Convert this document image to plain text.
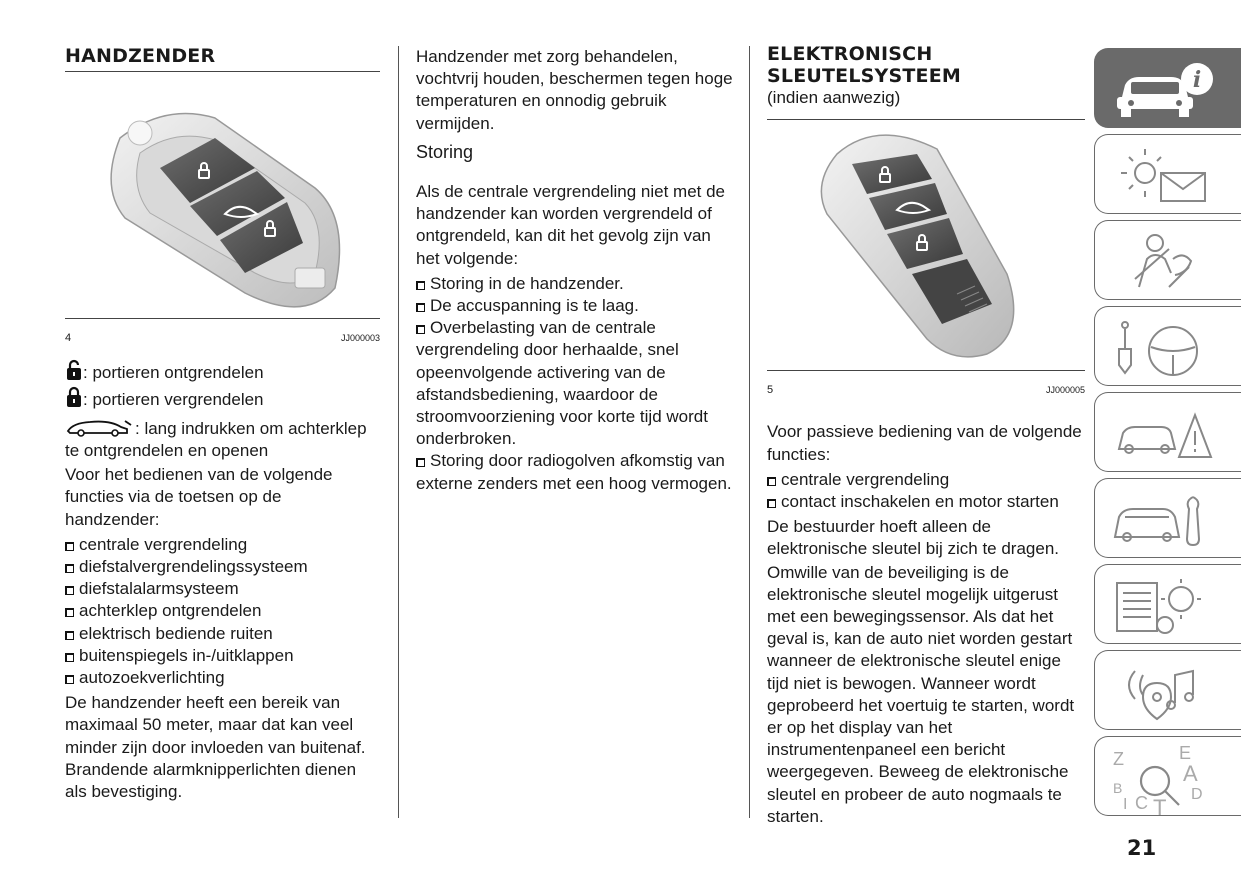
HANDZENDER
4	JJ000003
: portieren ontgrendelen
: portieren vergrendelen
: lang indrukken om achterklep te ontgrendelen en openen

Voor het bedienen van de volgende functies via de toetsen op de handzender:

centrale vergrendeling
diefstalvergrendelingssysteem
diefstalalarmsysteem
achterklep ontgrendelen
elektrisch bediende ruiten
buitenspiegels in-/uitklappen
autozoekverlichting

De handzender heeft een bereik van maximaal 50 meter, maar dat kan veel minder zijn door invloeden van buitenaf. Brandende alarmknipperlichten dienen als bevestiging.

Handzender met zorg behandelen, vochtvrij houden, beschermen tegen hoge temperaturen en onnodig gebruik vermijden.

Storing

Als de centrale vergrendeling niet met de handzender kan worden vergrendeld of ontgrendeld, kan dit het gevolg zijn van het volgende:

Storing in de handzender.
De accuspanning is te laag.
Overbelasting van de centrale vergrendeling door herhaalde, snel opeenvolgende activering van de afstandsbediening, waardoor de stroomvoorziening voor korte tijd wordt onderbroken.
Storing door radiogolven afkomstig van externe zenders met een hoog vermogen.
ELEKTRONISCH
SLEUTELSYSTEEM

(indien aanwezig)

5	JJ000005

Voor passieve bediening van de volgende functies:

centrale vergrendeling
contact inschakelen en motor starten

De bestuurder hoeft alleen de elektronische sleutel bij zich te dragen.

Omwille van de beveiliging is de elektronische sleutel mogelijk uitgerust met een bewegingssensor. Als dat het geval is, kan de auto niet worden gestart wanneer de elektronische sleutel enige tijd niet is bewogen. Wanneer wordt geprobeerd het voertuig te starten, wordt er op het display van het instrumentenpaneel een bericht weergegeven. Beweeg de elektronische sleutel en probeer de auto nogmaals te starten.

i
Z	E
A
B	D
I C T
21
